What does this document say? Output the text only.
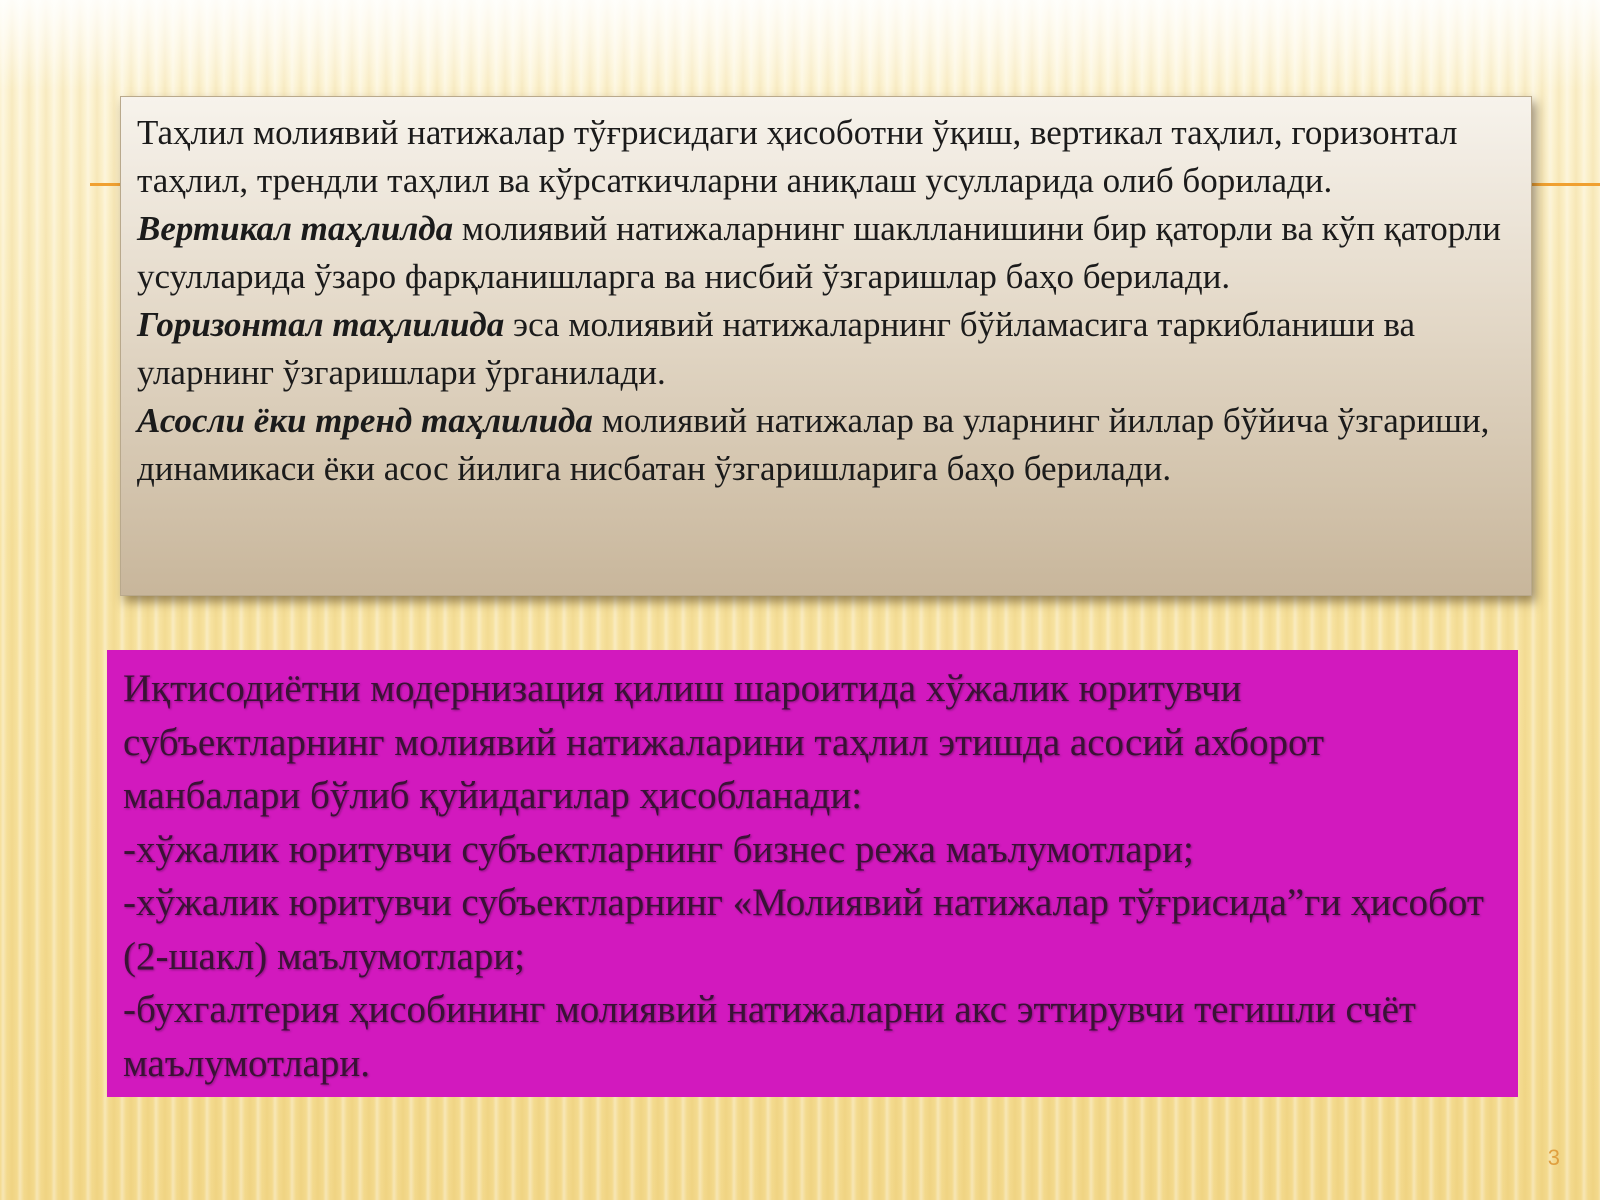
Таҳлил молиявий натижалар тўғрисидаги ҳисоботни ўқиш, вертикал таҳлил, горизонтал таҳлил, трендли таҳлил ва кўрсаткичларни аниқлаш усулларида олиб борилади.

Вертикал таҳлилда молиявий натижаларнинг шаклланишини бир қаторли ва кўп қаторли усулларида ўзаро фарқланишларга ва нисбий ўзгаришлар баҳо берилади.

Горизонтал таҳлилида эса молиявий натижаларнинг бўйламасига таркибланиши ва уларнинг ўзгаришлари ўрганилади.

Асосли ёки тренд таҳлилида молиявий натижалар ва уларнинг йиллар бўйича ўзгариши, динамикаси ёки асос йилига нисбатан ўзгаришларига баҳо берилади.

Иқтисодиётни модернизация қилиш шароитида хўжалик юритувчи субъектларнинг молиявий натижаларини таҳлил этишда асосий ахборот манбалари бўлиб қуйидагилар ҳисобланади:

-хўжалик юритувчи субъектларнинг бизнес режа маълумотлари;

-хўжалик юритувчи субъектларнинг «Молиявий натижалар тўғрисида”ги ҳисобот (2-шакл) маълумотлари;

-бухгалтерия ҳисобининг молиявий натижаларни акс эттирувчи тегишли счёт маълумотлари.

3
